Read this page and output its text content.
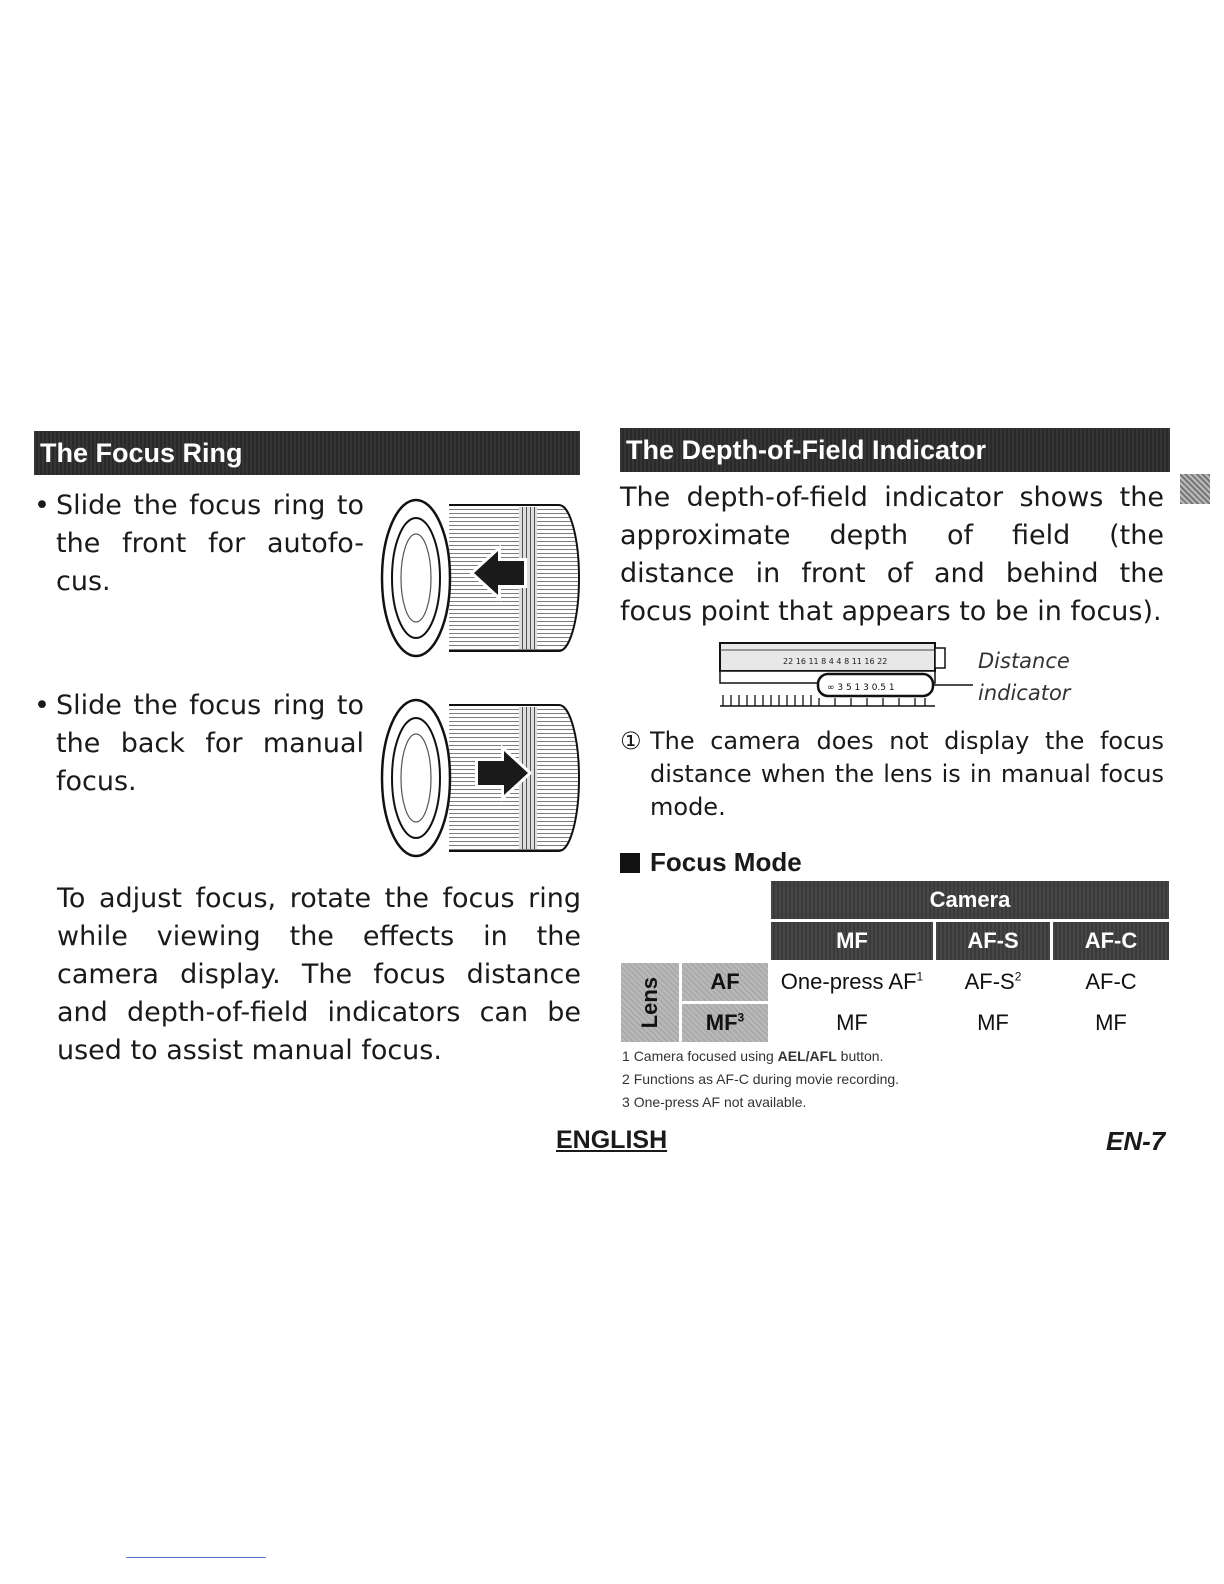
The Focus Ring
• Slide the focus ring to the front for autofo-cus.
• Slide the focus ring to the back for manual focus.
To adjust focus, rotate the focus ring while viewing the effects in the camera display. The focus distance and depth-of-field indicators can be used to assist manual focus.
The Depth-of-Field Indicator
The depth-of-field indicator shows the approximate depth of field (the distance in front of and behind the focus point that appears to be in focus).
22 16 11 8 4 4 8 11 16 22
∞ 3 5 1 3 0.5 1
Distance
indicator
① The camera does not display the focus distance when the lens is in manual focus mode.
Focus Mode
		Camera		
		MF	AF-S	AF-C

Lens	AF	One-press $AF^1$	$AF-S^2$	AF-C
	$MF^3$	MF	MF	MF
1 Camera focused using AEL/AFL button.
2 Functions as AF-C during movie recording.
3 One-press AF not available.
ENGLISH	EN-7
